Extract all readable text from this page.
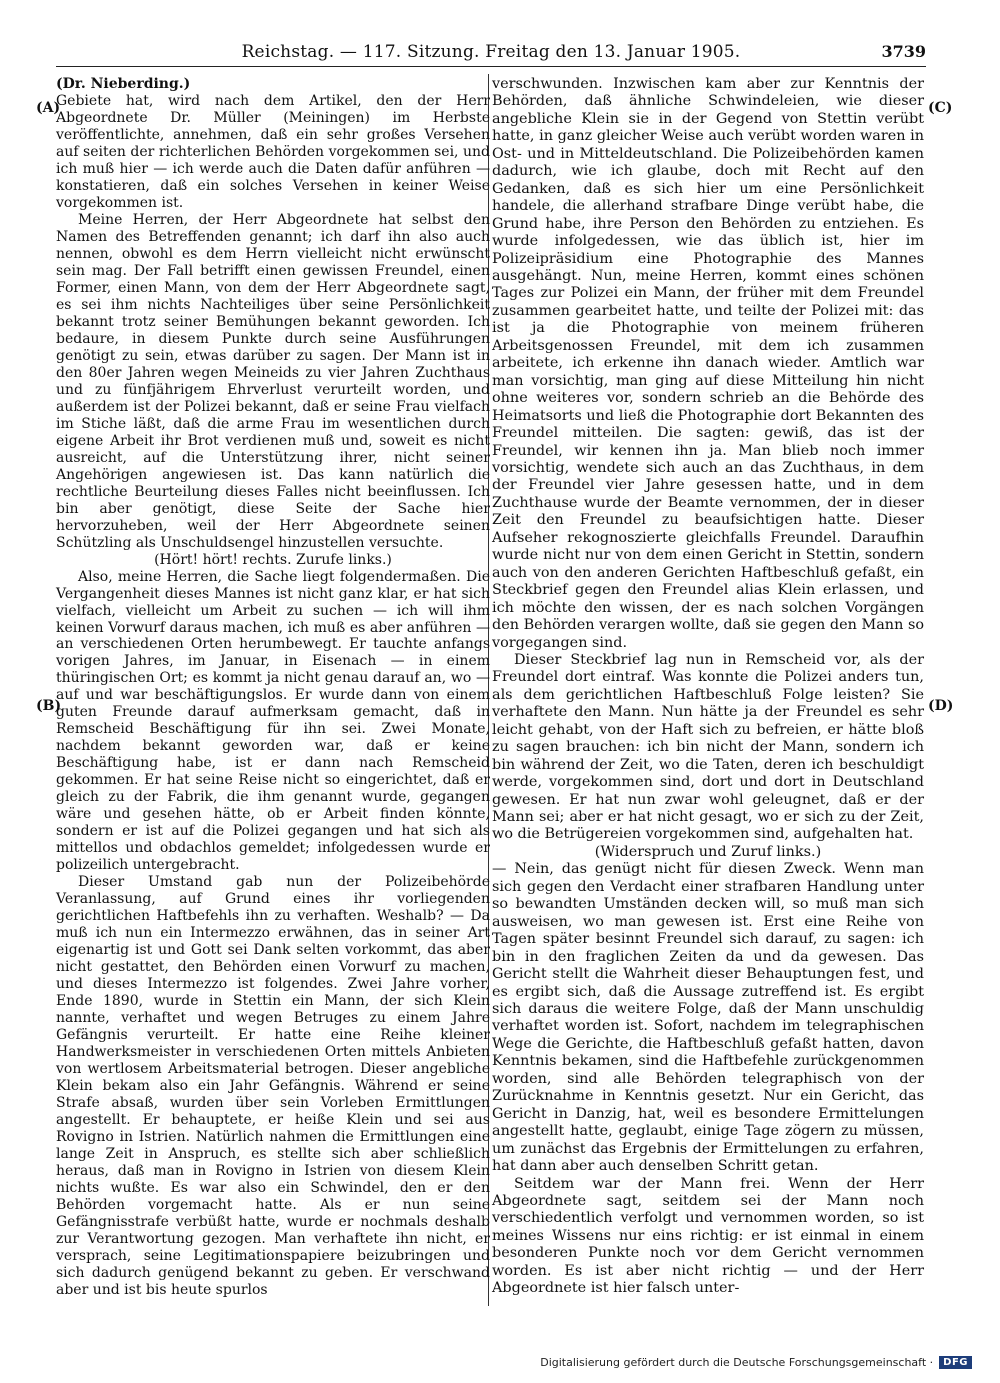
Reichstag. — 117. Sitzung. Freitag den 13. Januar 1905.	3739
(A)
(B)
(C)
(D)

(Dr. Nieberding.)

Gebiete hat, wird nach dem Artikel, den der Herr Abgeordnete Dr. Müller (Meiningen) im Herbste veröffentlichte, annehmen, daß ein sehr großes Versehen auf seiten der richterlichen Behörden vorgekommen sei, und ich muß hier — ich werde auch die Daten dafür anführen — konstatieren, daß ein solches Versehen in keiner Weise vorgekommen ist.

Meine Herren, der Herr Abgeordnete hat selbst den Namen des Betreffenden genannt; ich darf ihn also auch nennen, obwohl es dem Herrn vielleicht nicht erwünscht sein mag. Der Fall betrifft einen gewissen Freundel, einen Former, einen Mann, von dem der Herr Abgeordnete sagt, es sei ihm nichts Nachteiliges über seine Persönlichkeit bekannt trotz seiner Bemühungen bekannt geworden. Ich bedaure, in diesem Punkte durch seine Ausführungen genötigt zu sein, etwas darüber zu sagen. Der Mann ist in den 80er Jahren wegen Meineids zu vier Jahren Zuchthaus und zu fünfjährigem Ehrverlust verurteilt worden, und außerdem ist der Polizei bekannt, daß er seine Frau vielfach im Stiche läßt, daß die arme Frau im wesentlichen durch eigene Arbeit ihr Brot verdienen muß und, soweit es nicht ausreicht, auf die Unterstützung ihrer, nicht seiner Angehörigen angewiesen ist. Das kann natürlich die rechtliche Beurteilung dieses Falles nicht beeinflussen. Ich bin aber genötigt, diese Seite der Sache hier hervorzuheben, weil der Herr Abgeordnete seinen Schützling als Unschuldsengel hinzustellen versuchte.

(Hört! hört! rechts. Zurufe links.)

Also, meine Herren, die Sache liegt folgendermaßen. Die Vergangenheit dieses Mannes ist nicht ganz klar, er hat sich vielfach, vielleicht um Arbeit zu suchen — ich will ihm keinen Vorwurf daraus machen, ich muß es aber anführen — an verschiedenen Orten herumbewegt. Er tauchte anfangs vorigen Jahres, im Januar, in Eisenach — in einem thüringischen Ort; es kommt ja nicht genau darauf an, wo — auf und war beschäftigungslos. Er wurde dann von einem guten Freunde darauf aufmerksam gemacht, daß in Remscheid Beschäftigung für ihn sei. Zwei Monate, nachdem bekannt geworden war, daß er keine Beschäftigung habe, ist er dann nach Remscheid gekommen. Er hat seine Reise nicht so eingerichtet, daß er gleich zu der Fabrik, die ihm genannt wurde, gegangen wäre und gesehen hätte, ob er Arbeit finden könnte, sondern er ist auf die Polizei gegangen und hat sich als mittellos und obdachlos gemeldet; infolgedessen wurde er polizeilich untergebracht.

Dieser Umstand gab nun der Polizeibehörde Veranlassung, auf Grund eines ihr vorliegenden gerichtlichen Haftbefehls ihn zu verhaften. Weshalb? — Da muß ich nun ein Intermezzo erwähnen, das in seiner Art eigenartig ist und Gott sei Dank selten vorkommt, das aber nicht gestattet, den Behörden einen Vorwurf zu machen, und dieses Intermezzo ist folgendes. Zwei Jahre vorher, Ende 1890, wurde in Stettin ein Mann, der sich Klein nannte, verhaftet und wegen Betruges zu einem Jahre Gefängnis verurteilt. Er hatte eine Reihe kleiner Handwerksmeister in verschiedenen Orten mittels Anbieten von wertlosem Arbeitsmaterial betrogen. Dieser angebliche Klein bekam also ein Jahr Gefängnis. Während er seine Strafe absaß, wurden über sein Vorleben Ermittlungen angestellt. Er behauptete, er heiße Klein und sei aus Rovigno in Istrien. Natürlich nahmen die Ermittlungen eine lange Zeit in Anspruch, es stellte sich aber schließlich heraus, daß man in Rovigno in Istrien von diesem Klein nichts wußte. Es war also ein Schwindel, den er den Behörden vorgemacht hatte. Als er nun seine Gefängnisstrafe verbüßt hatte, wurde er nochmals deshalb zur Verantwortung gezogen. Man verhaftete ihn nicht, er versprach, seine Legitimationspapiere beizubringen und sich dadurch genügend bekannt zu geben. Er verschwand aber und ist bis heute spurlos

verschwunden. Inzwischen kam aber zur Kenntnis der Behörden, daß ähnliche Schwindeleien, wie dieser angebliche Klein sie in der Gegend von Stettin verübt hatte, in ganz gleicher Weise auch verübt worden waren in Ost- und in Mitteldeutschland. Die Polizeibehörden kamen dadurch, wie ich glaube, doch mit Recht auf den Gedanken, daß es sich hier um eine Persönlichkeit handele, die allerhand strafbare Dinge verübt habe, die Grund habe, ihre Person den Behörden zu entziehen. Es wurde infolgedessen, wie das üblich ist, hier im Polizeipräsidium eine Photographie des Mannes ausgehängt. Nun, meine Herren, kommt eines schönen Tages zur Polizei ein Mann, der früher mit dem Freundel zusammen gearbeitet hatte, und teilte der Polizei mit: das ist ja die Photographie von meinem früheren Arbeitsgenossen Freundel, mit dem ich zusammen arbeitete, ich erkenne ihn danach wieder. Amtlich war man vorsichtig, man ging auf diese Mitteilung hin nicht ohne weiteres vor, sondern schrieb an die Behörde des Heimatsorts und ließ die Photographie dort Bekannten des Freundel mitteilen. Die sagten: gewiß, das ist der Freundel, wir kennen ihn ja. Man blieb noch immer vorsichtig, wendete sich auch an das Zuchthaus, in dem der Freundel vier Jahre gesessen hatte, und in dem Zuchthause wurde der Beamte vernommen, der in dieser Zeit den Freundel zu beaufsichtigen hatte. Dieser Aufseher rekognoszierte gleichfalls Freundel. Daraufhin wurde nicht nur von dem einen Gericht in Stettin, sondern auch von den anderen Gerichten Haftbeschluß gefaßt, ein Steckbrief gegen den Freundel alias Klein erlassen, und ich möchte den wissen, der es nach solchen Vorgängen den Behörden verargen wollte, daß sie gegen den Mann so vorgegangen sind.

Dieser Steckbrief lag nun in Remscheid vor, als der Freundel dort eintraf. Was konnte die Polizei anders tun, als dem gerichtlichen Haftbeschluß Folge leisten? Sie verhaftete den Mann. Nun hätte ja der Freundel es sehr leicht gehabt, von der Haft sich zu befreien, er hätte bloß zu sagen brauchen: ich bin nicht der Mann, sondern ich bin während der Zeit, wo die Taten, deren ich beschuldigt werde, vorgekommen sind, dort und dort in Deutschland gewesen. Er hat nun zwar wohl geleugnet, daß er der Mann sei; aber er hat nicht gesagt, wo er sich zu der Zeit, wo die Betrügereien vorgekommen sind, aufgehalten hat.

(Widerspruch und Zuruf links.)

— Nein, das genügt nicht für diesen Zweck. Wenn man sich gegen den Verdacht einer strafbaren Handlung unter so bewandten Umständen decken will, so muß man sich ausweisen, wo man gewesen ist. Erst eine Reihe von Tagen später besinnt Freundel sich darauf, zu sagen: ich bin in den fraglichen Zeiten da und da gewesen. Das Gericht stellt die Wahrheit dieser Behauptungen fest, und es ergibt sich, daß die Aussage zutreffend ist. Es ergibt sich daraus die weitere Folge, daß der Mann unschuldig verhaftet worden ist. Sofort, nachdem im telegraphischen Wege die Gerichte, die Haftbeschluß gefaßt hatten, davon Kenntnis bekamen, sind die Haftbefehle zurückgenommen worden, sind alle Behörden telegraphisch von der Zurücknahme in Kenntnis gesetzt. Nur ein Gericht, das Gericht in Danzig, hat, weil es besondere Ermittelungen angestellt hatte, geglaubt, einige Tage zögern zu müssen, um zunächst das Ergebnis der Ermittelungen zu erfahren, hat dann aber auch denselben Schritt getan.

Seitdem war der Mann frei. Wenn der Herr Abgeordnete sagt, seitdem sei der Mann noch verschiedentlich verfolgt und vernommen worden, so ist meines Wissens nur eins richtig: er ist einmal in einem besonderen Punkte noch vor dem Gericht vernommen worden. Es ist aber nicht richtig — und der Herr Abgeordnete ist hier falsch unter-

Digitalisierung gefördert durch die Deutsche Forschungsgemeinschaft ·	DFG
